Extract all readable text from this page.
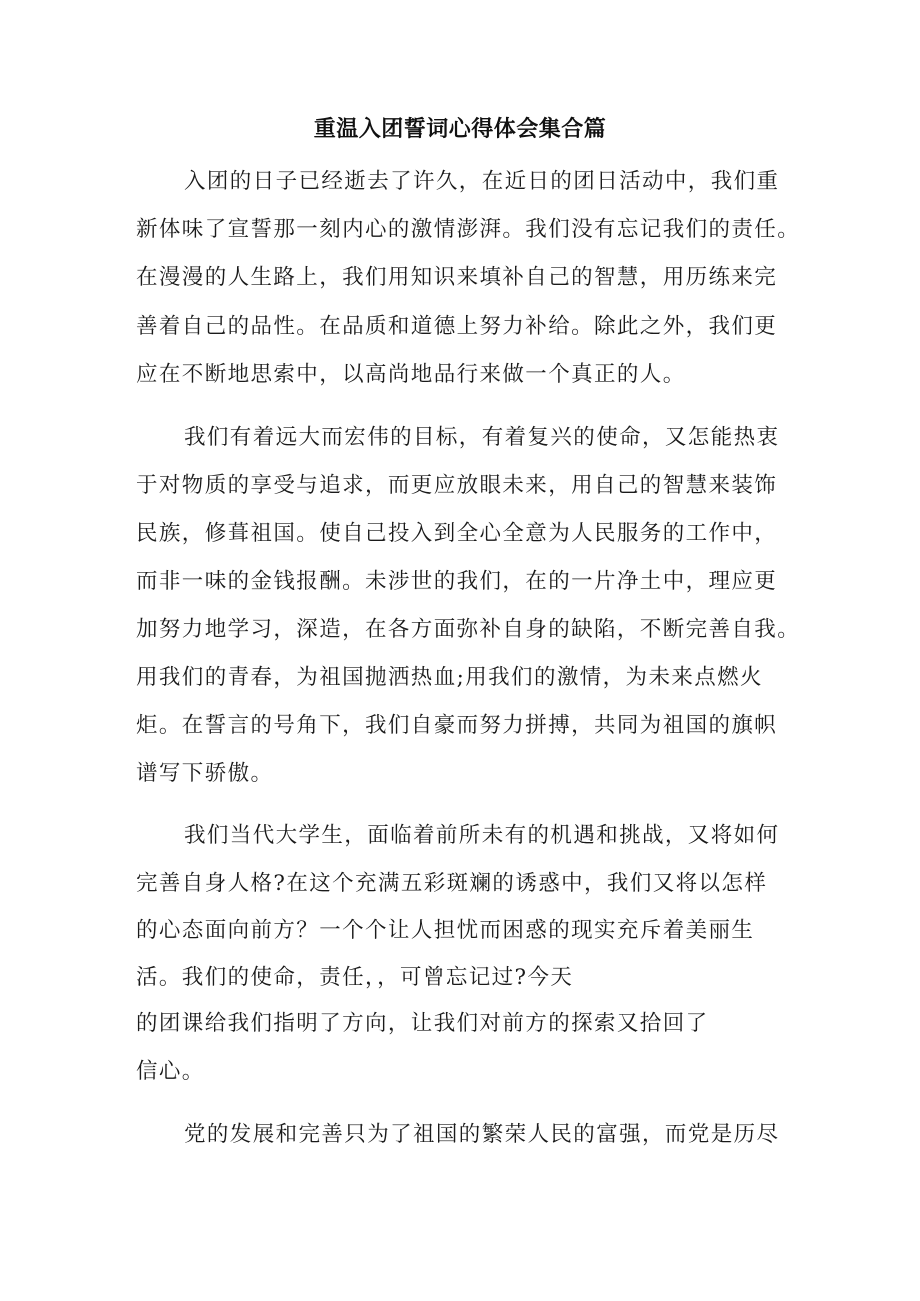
重温入团誓词心得体会集合篇
入团的日子已经逝去了许久，在近日的团日活动中，我们重
新体味了宣誓那一刻内心的激情澎湃。我们没有忘记我们的责任。
在漫漫的人生路上，我们用知识来填补自己的智慧，用历练来完
善着自己的品性。在品质和道德上努力补给。除此之外，我们更
应在不断地思索中，以高尚地品行来做一个真正的人。
我们有着远大而宏伟的目标，有着复兴的使命，又怎能热衷
于对物质的享受与追求，而更应放眼未来，用自己的智慧来装饰
民族，修葺祖国。使自己投入到全心全意为人民服务的工作中，
而非一味的金钱报酬。未涉世的我们，在的一片净土中，理应更
加努力地学习，深造，在各方面弥补自身的缺陷，不断完善自我。
用我们的青春，为祖国抛洒热血;用我们的激情，为未来点燃火
炬。在誓言的号角下，我们自豪而努力拼搏，共同为祖国的旗帜
谱写下骄傲。
我们当代大学生，面临着前所未有的机遇和挑战，又将如何
完善自身人格?在这个充满五彩斑斓的诱惑中，我们又将以怎样
的心态面向前方？一个个让人担忧而困惑的现实充斥着美丽生
活。我们的使命，责任，，可曾忘记过?今天
的团课给我们指明了方向，让我们对前方的探索又拾回了
信心。
党的发展和完善只为了祖国的繁荣人民的富强，而党是历尽
